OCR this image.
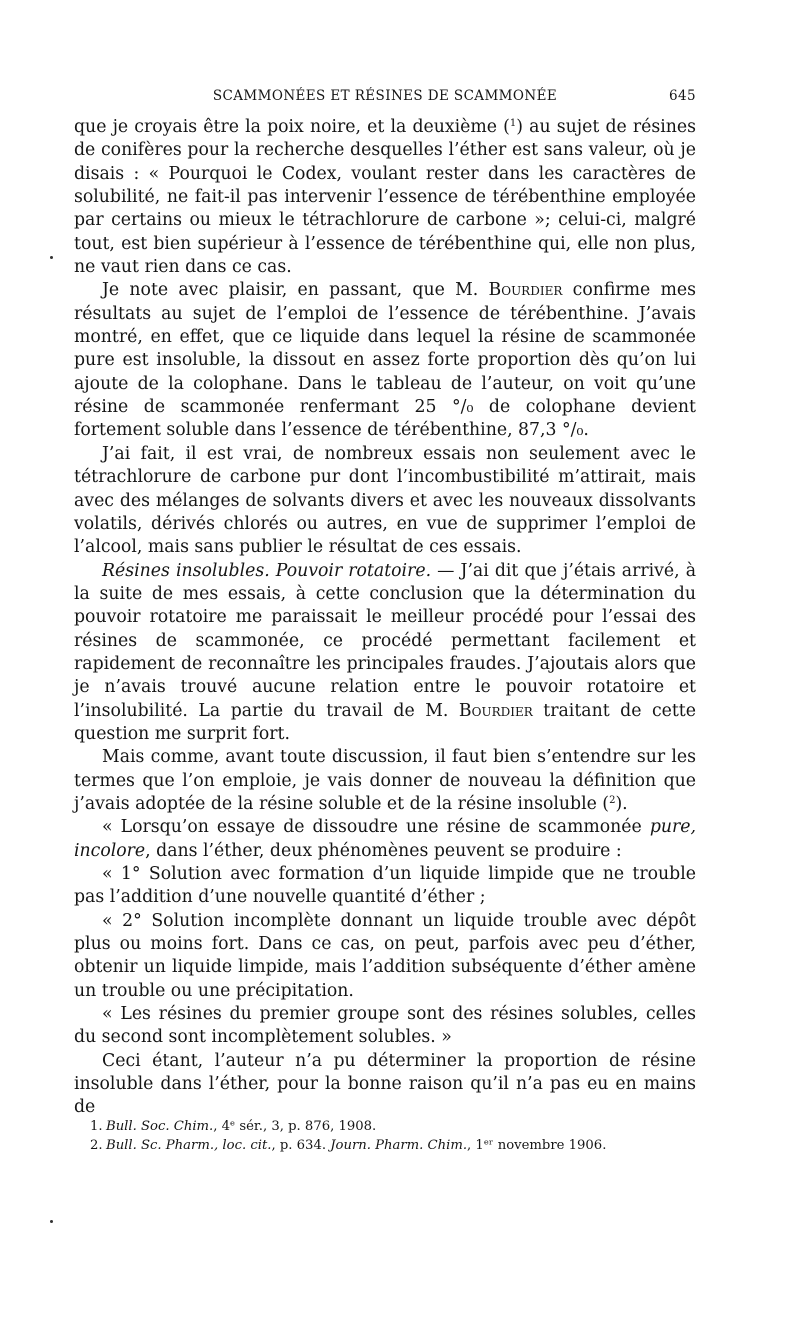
SCAMMONÉES ET RÉSINES DE SCAMMONÉE	645

que je croyais être la poix noire, et la deuxième ($^1$) au sujet de résines de conifères pour la recherche desquelles l’éther est sans valeur, où je disais : « Pourquoi le Codex, voulant rester dans les caractères de solubilité, ne fait-il pas intervenir l’essence de térébenthine employée par certains ou mieux le tétrachlorure de carbone »; celui-ci, malgré tout, est bien supérieur à l’essence de térébenthine qui, elle non plus, ne vaut rien dans ce cas.

Je note avec plaisir, en passant, que M. Bourdier confirme mes résultats au sujet de l’emploi de l’essence de térébenthine. J’avais montré, en effet, que ce liquide dans lequel la résine de scammonée pure est insoluble, la dissout en assez forte proportion dès qu’on lui ajoute de la colophane. Dans le tableau de l’auteur, on voit qu’une résine de scammonée renfermant 25 °/₀ de colophane devient fortement soluble dans l’essence de térébenthine, 87,3 °/₀.

J’ai fait, il est vrai, de nombreux essais non seulement avec le tétrachlorure de carbone pur dont l’incombustibilité m’attirait, mais avec des mélanges de solvants divers et avec les nouveaux dissolvants volatils, dérivés chlorés ou autres, en vue de supprimer l’emploi de l’alcool, mais sans publier le résultat de ces essais.

Résines insolubles. Pouvoir rotatoire. — J’ai dit que j’étais arrivé, à la suite de mes essais, à cette conclusion que la détermination du pouvoir rotatoire me paraissait le meilleur procédé pour l’essai des résines de scammonée, ce procédé permettant facilement et rapidement de reconnaître les principales fraudes. J’ajoutais alors que je n’avais trouvé aucune relation entre le pouvoir rotatoire et l’insolubilité. La partie du travail de M. Bourdier traitant de cette question me surprit fort.

Mais comme, avant toute discussion, il faut bien s’entendre sur les termes que l’on emploie, je vais donner de nouveau la définition que j’avais adoptée de la résine soluble et de la résine insoluble ($^2$).

« Lorsqu’on essaye de dissoudre une résine de scammonée pure, incolore, dans l’éther, deux phénomènes peuvent se produire :

« 1° Solution avec formation d’un liquide limpide que ne trouble pas l’addition d’une nouvelle quantité d’éther ;

« 2° Solution incomplète donnant un liquide trouble avec dépôt plus ou moins fort. Dans ce cas, on peut, parfois avec peu d’éther, obtenir un liquide limpide, mais l’addition subséquente d’éther amène un trouble ou une précipitation.

« Les résines du premier groupe sont des résines solubles, celles du second sont incomplètement solubles. »

Ceci étant, l’auteur n’a pu déterminer la proportion de résine insoluble dans l’éther, pour la bonne raison qu’il n’a pas eu en mains de

1. Bull. Soc. Chim., 4ᵉ sér., 3, p. 876, 1908.
2. Bull. Sc. Pharm., loc. cit., p. 634. Journ. Pharm. Chim., 1ᵉʳ novembre 1906.
